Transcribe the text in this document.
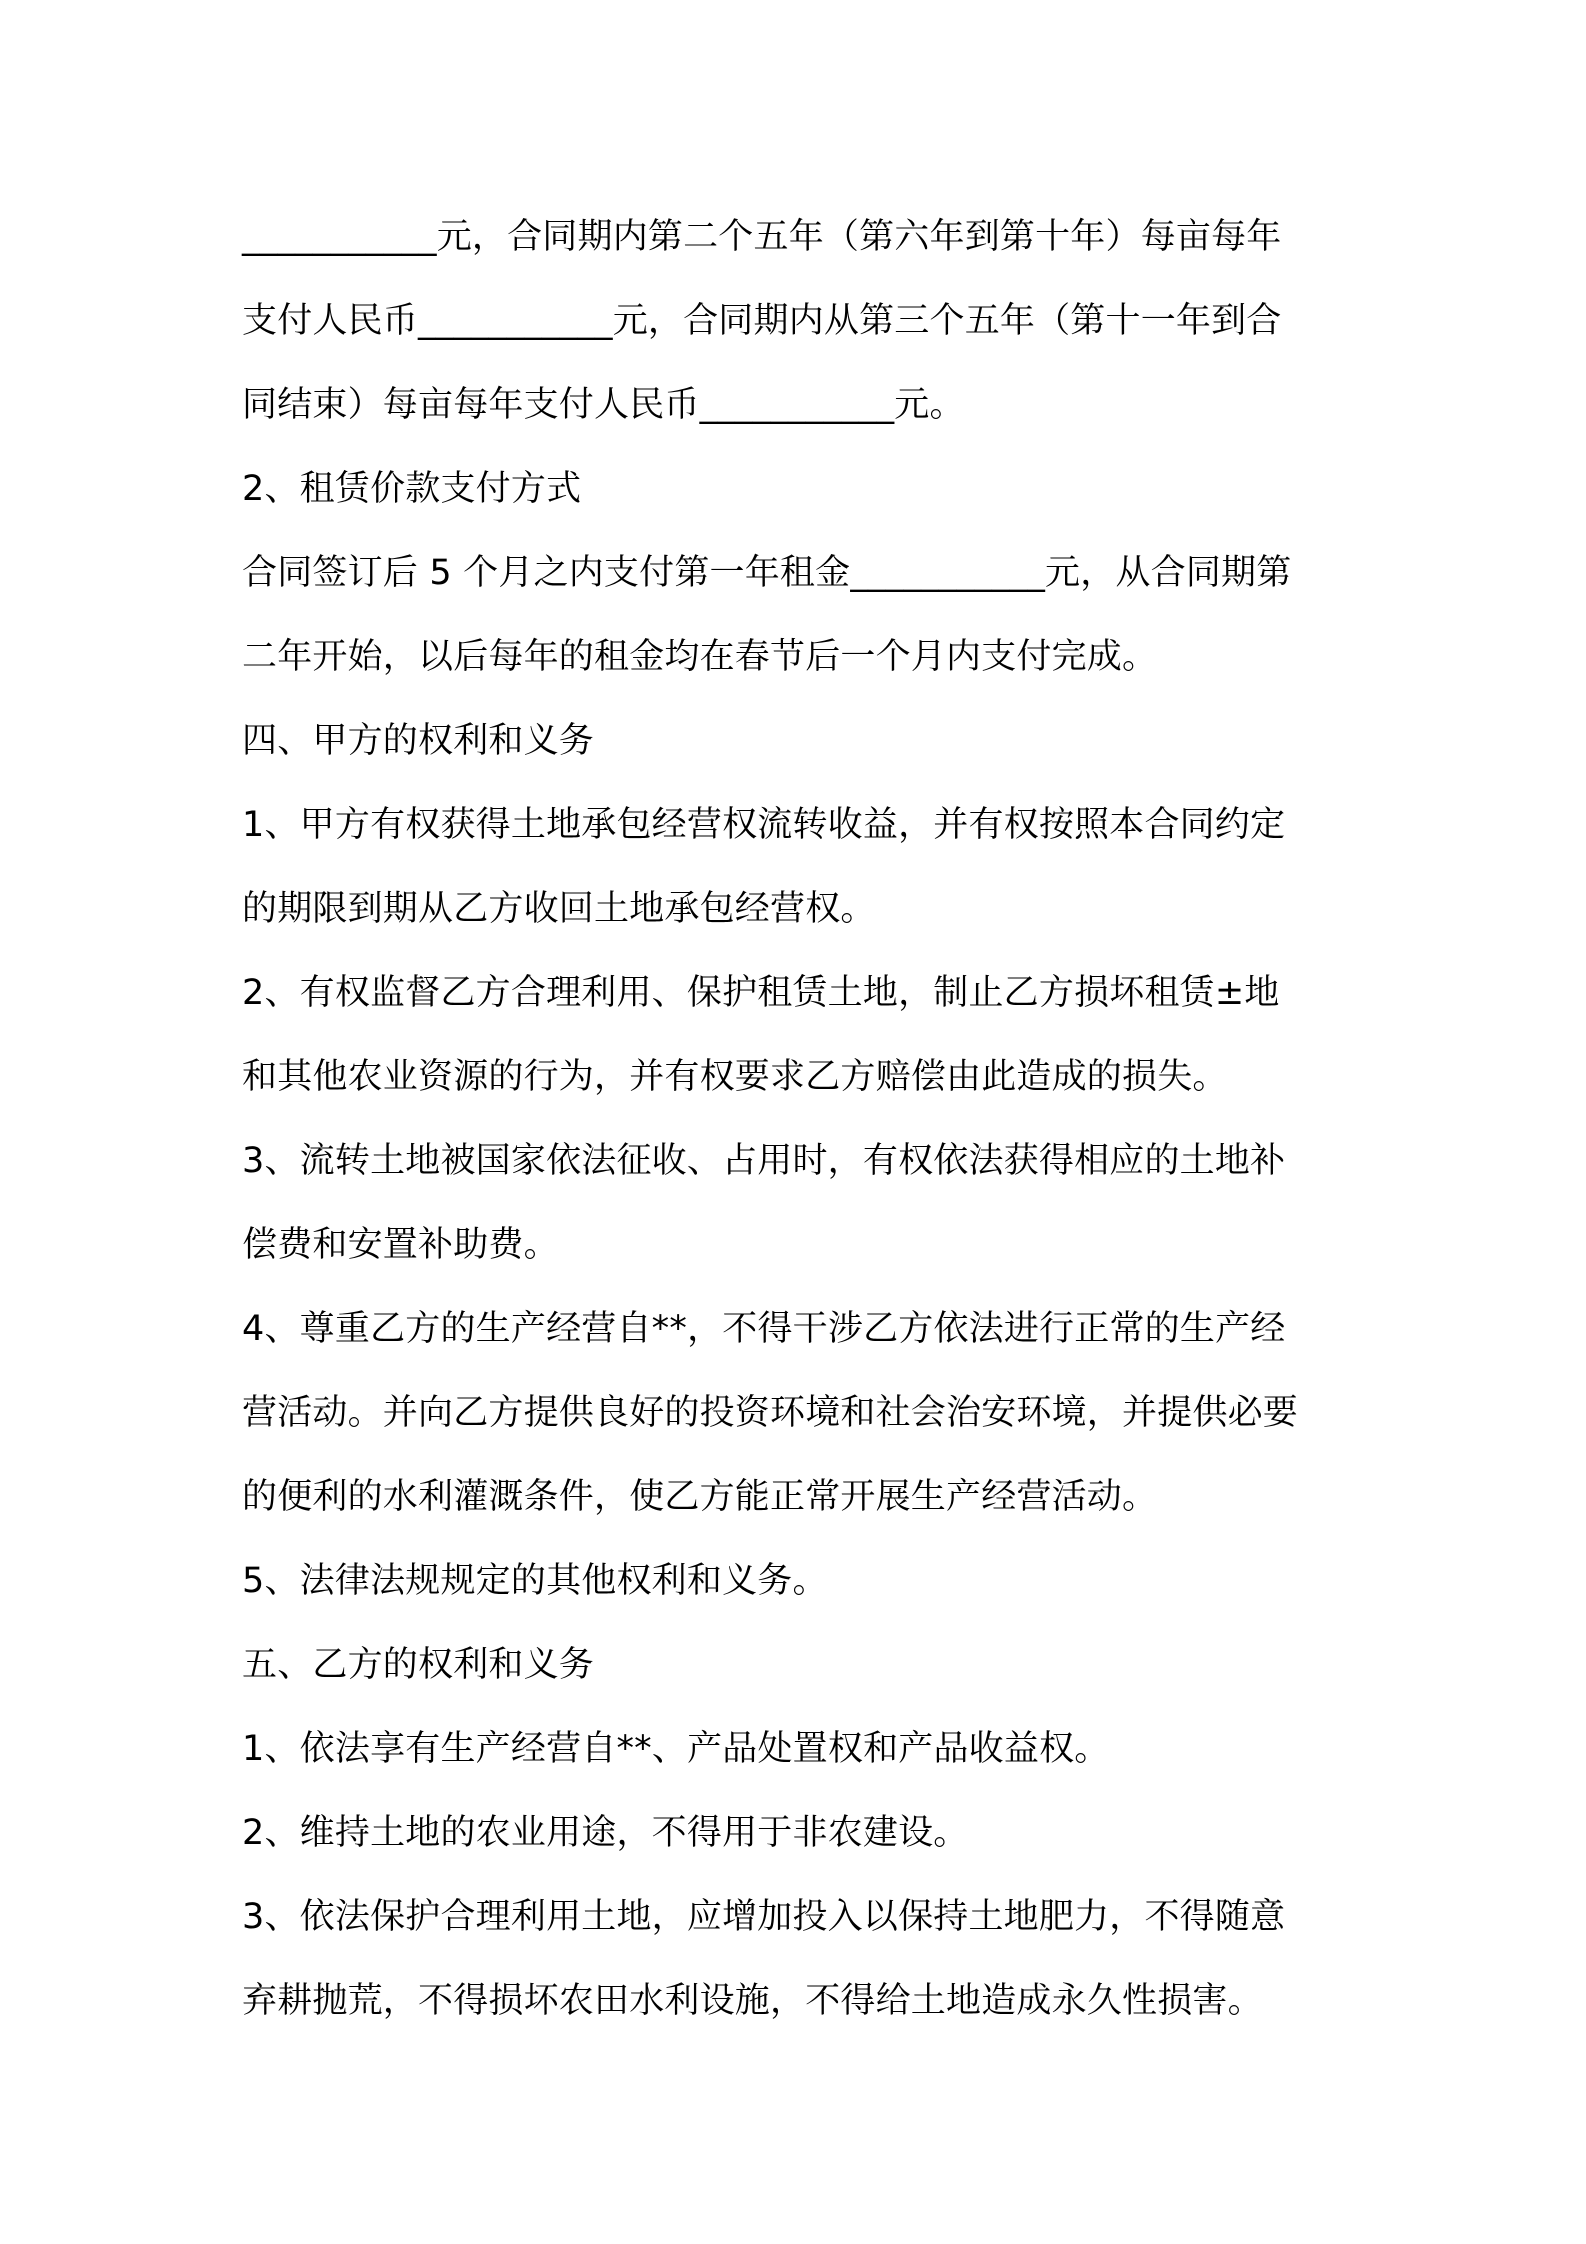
___________元，合同期内第二个五年（第六年到第十年）每亩每年
支付人民币___________元，合同期内从第三个五年（第十一年到合
同结束）每亩每年支付人民币___________元。
2、租赁价款支付方式
合同签订后 5 个月之内支付第一年租金___________元，从合同期第
二年开始，以后每年的租金均在春节后一个月内支付完成。
四、甲方的权利和义务
1、甲方有权获得土地承包经营权流转收益，并有权按照本合同约定
的期限到期从乙方收回土地承包经营权。
2、有权监督乙方合理利用、保护租赁土地，制止乙方损坏租赁±地
和其他农业资源的行为，并有权要求乙方赔偿由此造成的损失。
3、流转土地被国家依法征收、占用时，有权依法获得相应的土地补
偿费和安置补助费。
4、尊重乙方的生产经营自**，不得干涉乙方依法进行正常的生产经
营活动。并向乙方提供良好的投资环境和社会治安环境，并提供必要
的便利的水利灌溉条件，使乙方能正常开展生产经营活动。
5、法律法规规定的其他权利和义务。
五、乙方的权利和义务
1、依法享有生产经营自**、产品处置权和产品收益权。
2、维持土地的农业用途，不得用于非农建设。
3、依法保护合理利用土地，应增加投入以保持土地肥力，不得随意
弃耕抛荒，不得损坏农田水利设施，不得给土地造成永久性损害。
